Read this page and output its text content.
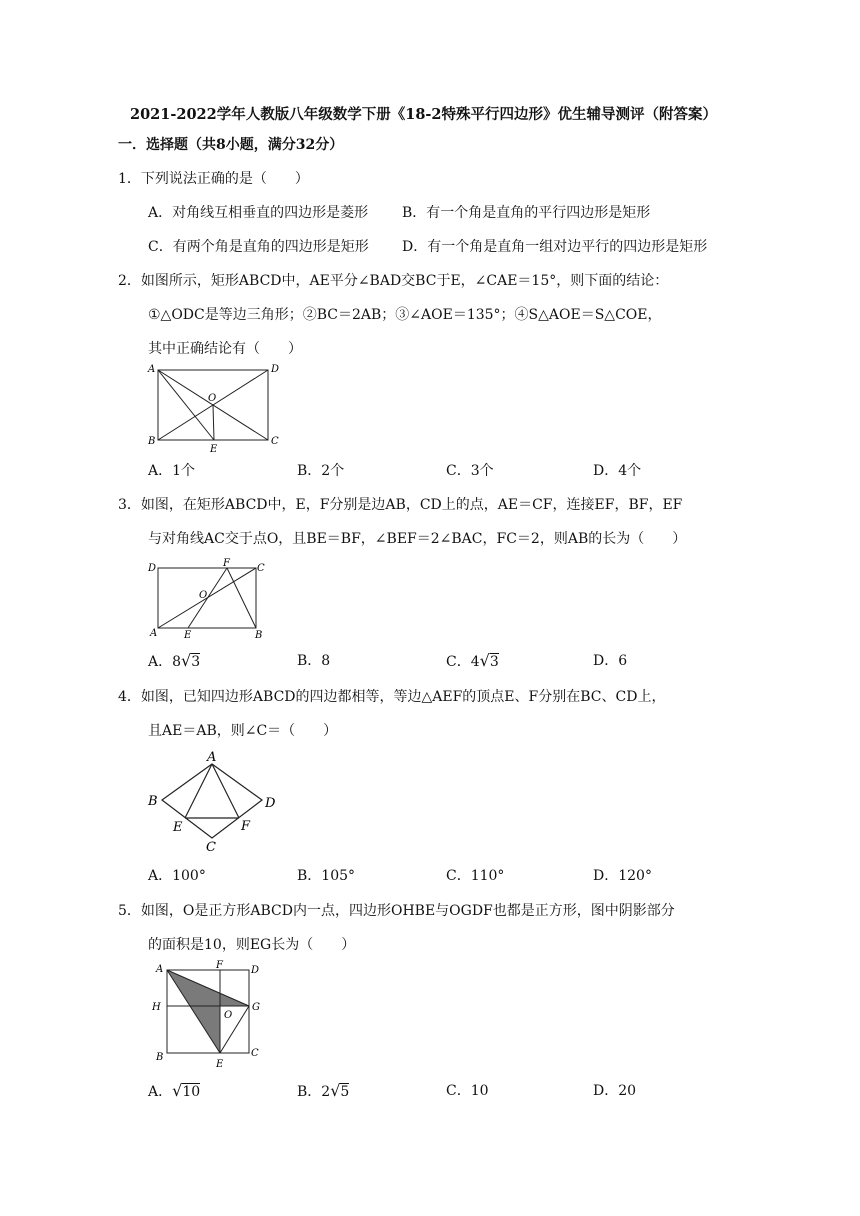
2021-2022学年人教版八年级数学下册《18-2特殊平行四边形》优生辅导测评（附答案）
一．选择题（共8小题，满分32分）
1．下列说法正确的是（　　）
A．对角线互相垂直的四边形是菱形 B．有一个角是直角的平行四边形是矩形
C．有两个角是直角的四边形是矩形 D．有一个角是直角一组对边平行的四边形是矩形
2．如图所示，矩形ABCD中，AE平分∠BAD交BC于E，∠CAE＝15°，则下面的结论：
①△ODC是等边三角形；②BC＝2AB；③∠AOE＝135°；④S△AOE＝S△COE，
其中正确结论有（　　）
A	D
B	C
O
E
A．1个	B．2个	C．3个	D．4个
3．如图，在矩形ABCD中，E，F分别是边AB，CD上的点，AE＝CF，连接EF，BF，EF
与对角线AC交于点O，且BE＝BF，∠BEF＝2∠BAC，FC＝2，则AB的长为（　　）
D	F	C
O
A	E	B
A．8√3	B．8	C．4√3	D．6
4．如图，已知四边形ABCD的四边都相等，等边△AEF的顶点E、F分别在BC、CD上，
且AE＝AB，则∠C＝（　　）
A
B	D
E	F
C
A．100°	B．105°	C．110°	D．120°
5．如图，O是正方形ABCD内一点，四边形OHBE与OGDF也都是正方形，图中阴影部分
的面积是10，则EG长为（　　）
A	F	D
H
O
G
B
E
C
A．√10	B．2√5	C．10	D．20
